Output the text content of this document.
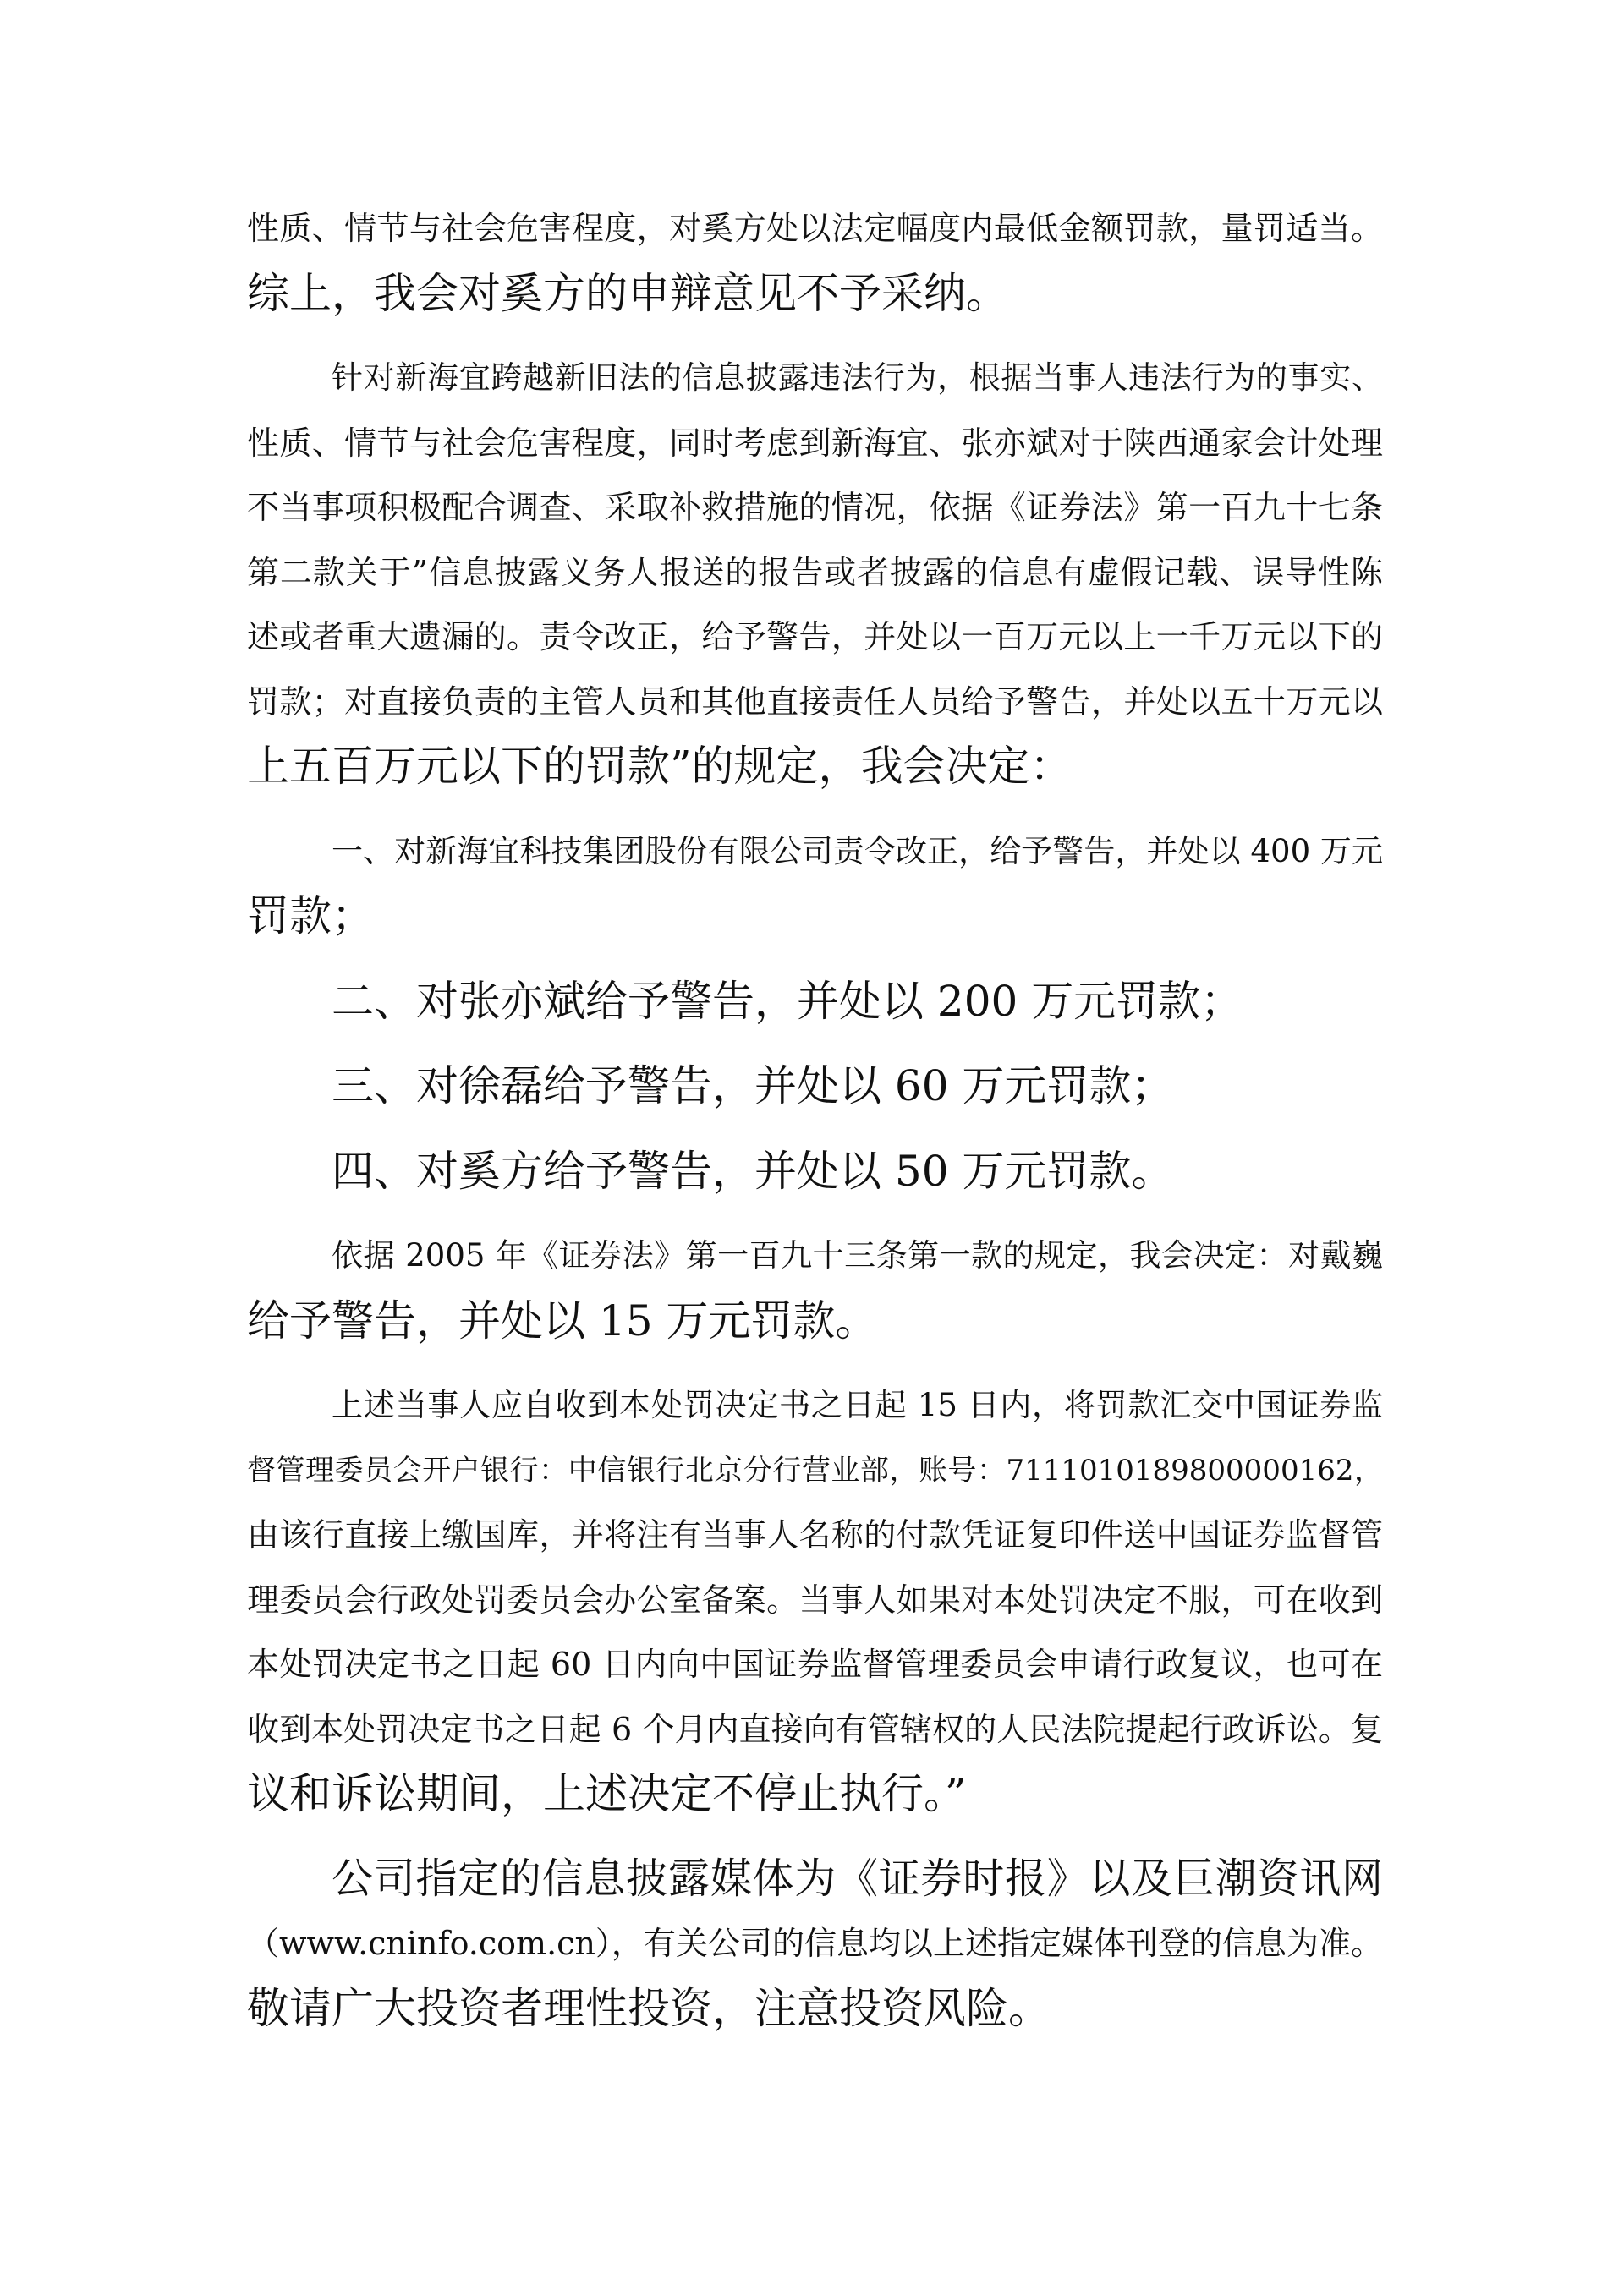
性质、情节与社会危害程度，对奚方处以法定幅度内最低金额罚款，量罚适当。
综上，我会对奚方的申辩意见不予采纳。
针对新海宜跨越新旧法的信息披露违法行为，根据当事人违法行为的事实、
性质、情节与社会危害程度，同时考虑到新海宜、张亦斌对于陕西通家会计处理
不当事项积极配合调查、采取补救措施的情况，依据《证券法》第一百九十七条
第二款关于”信息披露义务人报送的报告或者披露的信息有虚假记载、误导性陈
述或者重大遗漏的。责令改正，给予警告，并处以一百万元以上一千万元以下的
罚款；对直接负责的主管人员和其他直接责任人员给予警告，并处以五十万元以
上五百万元以下的罚款”的规定，我会决定：
一、对新海宜科技集团股份有限公司责令改正，给予警告，并处以 400 万元
罚款；
二、对张亦斌给予警告，并处以 200 万元罚款；
三、对徐磊给予警告，并处以 60 万元罚款；
四、对奚方给予警告，并处以 50 万元罚款。
依据 2005 年《证券法》第一百九十三条第一款的规定，我会决定：对戴巍
给予警告，并处以 15 万元罚款。
上述当事人应自收到本处罚决定书之日起 15 日内，将罚款汇交中国证券监
督管理委员会开户银行：中信银行北京分行营业部，账号：7111010189800000162，
由该行直接上缴国库，并将注有当事人名称的付款凭证复印件送中国证券监督管
理委员会行政处罚委员会办公室备案。当事人如果对本处罚决定不服，可在收到
本处罚决定书之日起 60 日内向中国证券监督管理委员会申请行政复议，也可在
收到本处罚决定书之日起 6 个月内直接向有管辖权的人民法院提起行政诉讼。复
议和诉讼期间，上述决定不停止执行。”
公司指定的信息披露媒体为《证券时报》以及巨潮资讯网
（www.cninfo.com.cn），有关公司的信息均以上述指定媒体刊登的信息为准。
敬请广大投资者理性投资，注意投资风险。
